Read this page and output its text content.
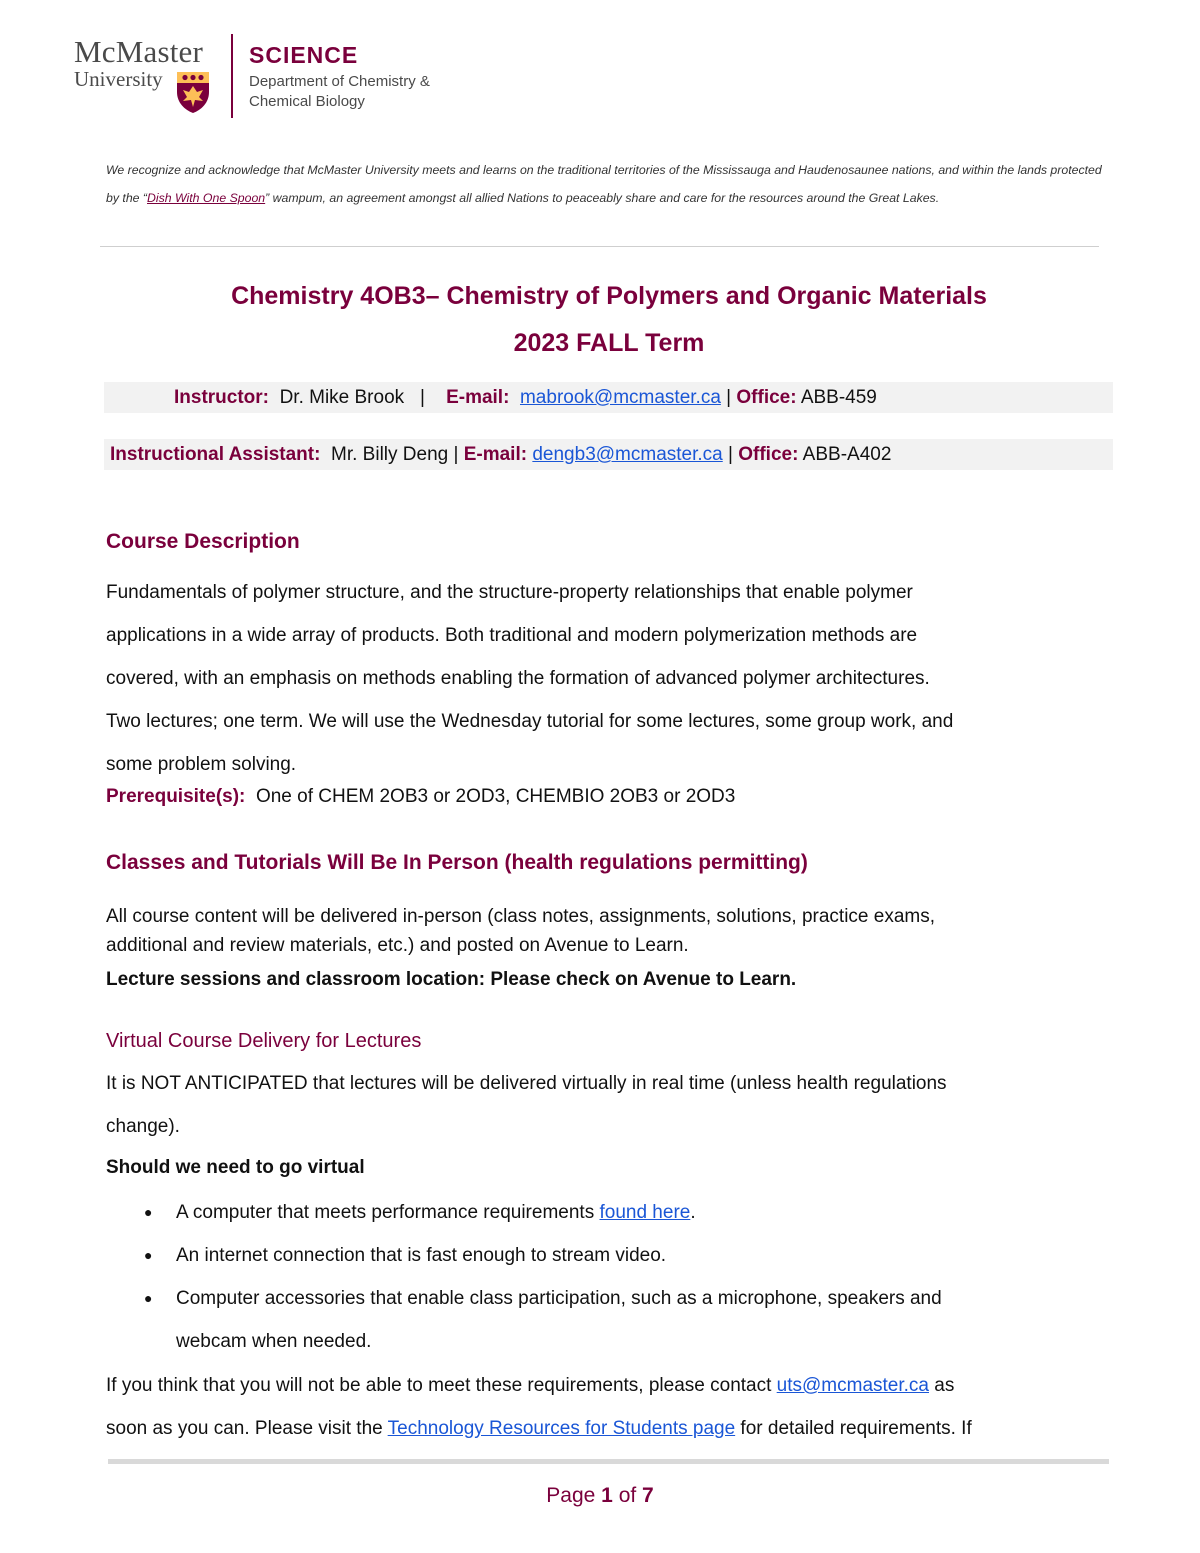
McMaster
University
SCIENCE
Department of Chemistry &
Chemical Biology
We recognize and acknowledge that McMaster University meets and learns on the traditional territories of the Mississauga and Haudenosaunee nations, and within the lands protected by the “Dish With One Spoon” wampum, an agreement amongst all allied Nations to peaceably share and care for the resources around the Great Lakes.
Chemistry 4OB3– Chemistry of Polymers and Organic Materials
2023 FALL Term
Instructor: Dr. Mike Brook | E-mail: mabrook@mcmaster.ca | Office: ABB-459
Instructional Assistant: Mr. Billy Deng | E-mail: dengb3@mcmaster.ca | Office: ABB-A402
Course Description
Fundamentals of polymer structure, and the structure-property relationships that enable polymer
applications in a wide array of products. Both traditional and modern polymerization methods are
covered, with an emphasis on methods enabling the formation of advanced polymer architectures.
Two lectures; one term. We will use the Wednesday tutorial for some lectures, some group work, and
some problem solving.
Prerequisite(s): One of CHEM 2OB3 or 2OD3, CHEMBIO 2OB3 or 2OD3
Classes and Tutorials Will Be In Person (health regulations permitting)
All course content will be delivered in-person (class notes, assignments, solutions, practice exams,
additional and review materials, etc.) and posted on Avenue to Learn.
Lecture sessions and classroom location: Please check on Avenue to Learn.
Virtual Course Delivery for Lectures
It is NOT ANTICIPATED that lectures will be delivered virtually in real time (unless health regulations
change).
Should we need to go virtual
● A computer that meets performance requirements found here.
● An internet connection that is fast enough to stream video.
● Computer accessories that enable class participation, such as a microphone, speakers and
webcam when needed.
If you think that you will not be able to meet these requirements, please contact uts@mcmaster.ca as
soon as you can. Please visit the Technology Resources for Students page for detailed requirements. If
Page 1 of 7
